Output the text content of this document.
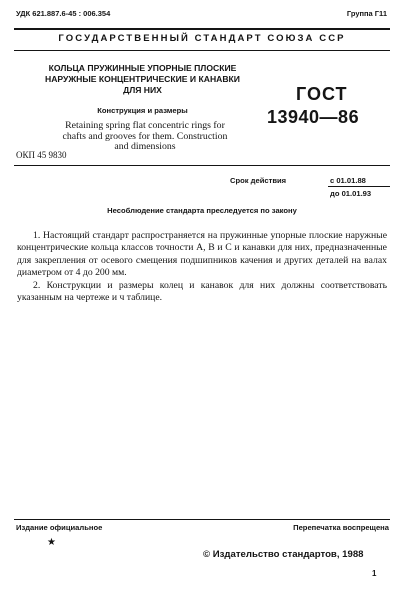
УДК 621.887.6-45 : 006.354	Группа Г11
ГОСУДАРСТВЕННЫЙ СТАНДАРТ СОЮЗА ССР
КОЛЬЦА ПРУЖИННЫЕ УПОРНЫЕ ПЛОСКИЕ
НАРУЖНЫЕ КОНЦЕНТРИЧЕСКИЕ И КАНАВКИ
ДЛЯ НИХ
Конструкция и размеры
Retaining spring flat concentric rings for
chafts and grooves for them. Construction
and dimensions
ГОСТ
13940—86
ОКП 45 9830
Срок действия	с 01.01.88
до 01.01.93
Несоблюдение стандарта преследуется по закону

1. Настоящий стандарт распространяется на пружинные упорные плоские наружные концентрические кольца классов точности А, В и С и канавки для них, предназначенные для закрепления от осевого смещения подшипников качения и других деталей на валах диаметром от 4 до 200 мм.

2. Конструкции и размеры колец и канавок для них должны соответствовать указанным на чертеже и ч таблице.

Издание официальное
★
Перепечатка воспрещена
© Издательство стандартов, 1988
1
